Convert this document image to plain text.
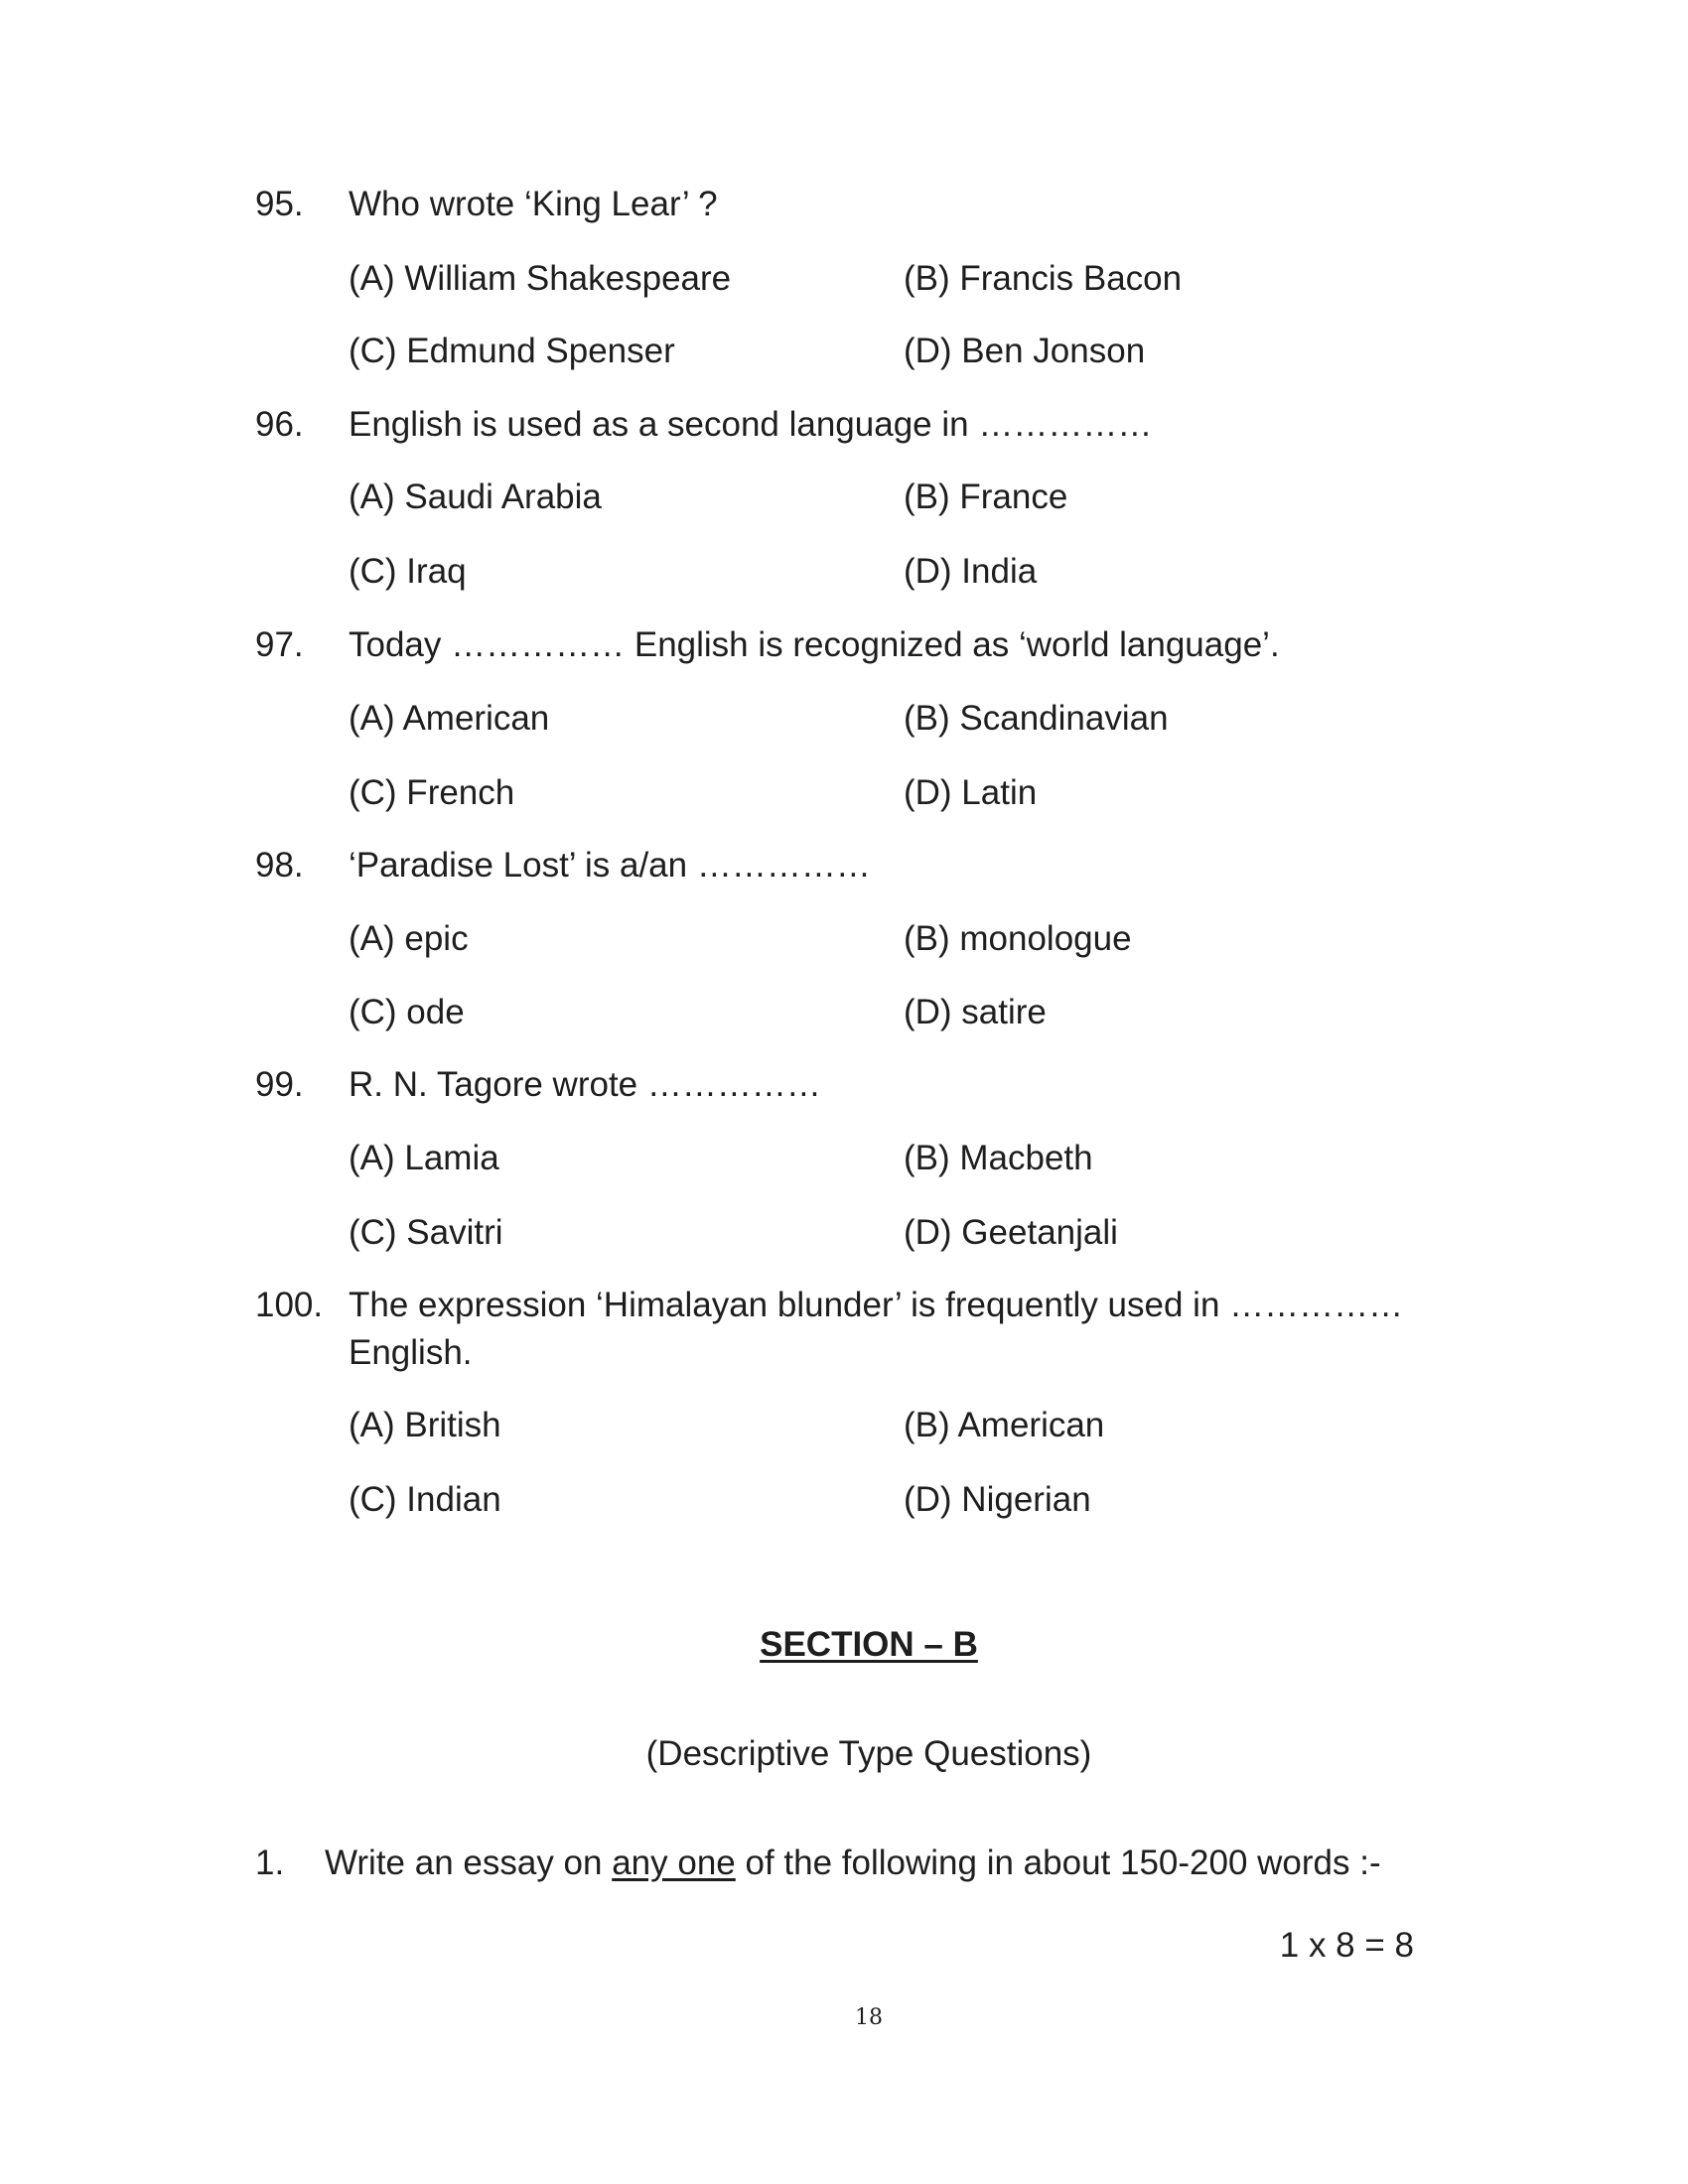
95. Who wrote ‘King Lear’ ?
(A) William Shakespeare	(B) Francis Bacon
(C) Edmund Spenser	(D) Ben Jonson
96. English is used as a second language in ……………
(A) Saudi Arabia	(B) France
(C) Iraq	(D) India
97. Today …………… English is recognized as ‘world language’.
(A) American	(B) Scandinavian
(C) French	(D) Latin
98. ‘Paradise Lost’ is a/an ……………
(A) epic	(B) monologue
(C) ode	(D) satire
99. R. N. Tagore wrote ……………
(A) Lamia	(B) Macbeth
(C) Savitri	(D) Geetanjali
100. The expression ‘Himalayan blunder’ is frequently used in ……………
English.
(A) British	(B) American
(C) Indian	(D) Nigerian
SECTION – B
(Descriptive Type Questions)
1. Write an essay on any one of the following in about 150-200 words :-
1 x 8 = 8
18
